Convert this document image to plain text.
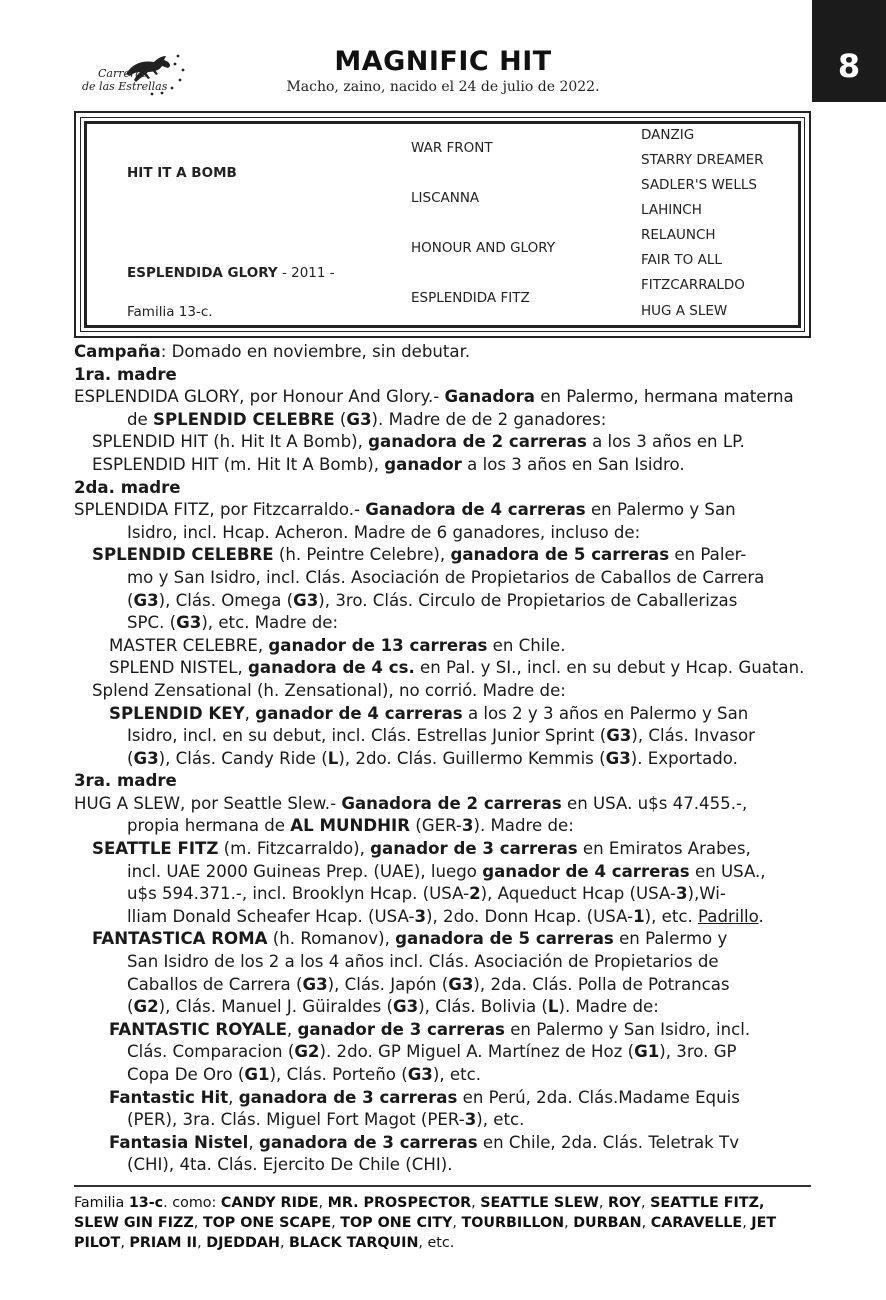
Carreras
de las Estrellas
MAGNIFIC HIT
Macho, zaino, nacido el 24 de julio de 2022.
8
HIT IT A BOMB
ESPLENDIDA GLORY - 2011 -
Familia 13-c.
WAR FRONT
LISCANNA
HONOUR AND GLORY
ESPLENDIDA FITZ
DANZIG
STARRY DREAMER
SADLER'S WELLS
LAHINCH
RELAUNCH
FAIR TO ALL
FITZCARRALDO
HUG A SLEW
Campaña: Domado en noviembre, sin debutar.
1ra. madre
ESPLENDIDA GLORY, por Honour And Glory.- Ganadora en Palermo, hermana materna
de SPLENDID CELEBRE (G3). Madre de de 2 ganadores:
SPLENDID HIT (h. Hit It A Bomb), ganadora de 2 carreras a los 3 años en LP.
ESPLENDID HIT (m. Hit It A Bomb), ganador a los 3 años en San Isidro.
2da. madre
SPLENDIDA FITZ, por Fitzcarraldo.- Ganadora de 4 carreras en Palermo y San
Isidro, incl. Hcap. Acheron. Madre de 6 ganadores, incluso de:
SPLENDID CELEBRE (h. Peintre Celebre), ganadora de 5 carreras en Paler-
mo y San Isidro, incl. Clás. Asociación de Propietarios de Caballos de Carrera
(G3), Clás. Omega (G3), 3ro. Clás. Circulo de Propietarios de Caballerizas
SPC. (G3), etc. Madre de:
MASTER CELEBRE, ganador de 13 carreras en Chile.
SPLEND NISTEL, ganadora de 4 cs. en Pal. y SI., incl. en su debut y Hcap. Guatan.
Splend Zensational (h. Zensational), no corrió. Madre de:
SPLENDID KEY, ganador de 4 carreras a los 2 y 3 años en Palermo y San
Isidro, incl. en su debut, incl. Clás. Estrellas Junior Sprint (G3), Clás. Invasor
(G3), Clás. Candy Ride (L), 2do. Clás. Guillermo Kemmis (G3). Exportado.
3ra. madre
HUG A SLEW, por Seattle Slew.- Ganadora de 2 carreras en USA. u$s 47.455.-,
propia hermana de AL MUNDHIR (GER-3). Madre de:
SEATTLE FITZ (m. Fitzcarraldo), ganador de 3 carreras en Emiratos Arabes,
incl. UAE 2000 Guineas Prep. (UAE), luego ganador de 4 carreras en USA.,
u$s 594.371.-, incl. Brooklyn Hcap. (USA-2), Aqueduct Hcap (USA-3),Wi-
lliam Donald Scheafer Hcap. (USA-3), 2do. Donn Hcap. (USA-1), etc. Padrillo.
FANTASTICA ROMA (h. Romanov), ganadora de 5 carreras en Palermo y
San Isidro de los 2 a los 4 años incl. Clás. Asociación de Propietarios de
Caballos de Carrera (G3), Clás. Japón (G3), 2da. Clás. Polla de Potrancas
(G2), Clás. Manuel J. Güiraldes (G3), Clás. Bolivia (L). Madre de:
FANTASTIC ROYALE, ganador de 3 carreras en Palermo y San Isidro, incl.
Clás. Comparacion (G2). 2do. GP Miguel A. Martínez de Hoz (G1), 3ro. GP
Copa De Oro (G1), Clás. Porteño (G3), etc.
Fantastic Hit, ganadora de 3 carreras en Perú, 2da. Clás.Madame Equis
(PER), 3ra. Clás. Miguel Fort Magot (PER-3), etc.
Fantasia Nistel, ganadora de 3 carreras en Chile, 2da. Clás. Teletrak Tv
(CHI), 4ta. Clás. Ejercito De Chile (CHI).
Familia 13-c. como: CANDY RIDE, MR. PROSPECTOR, SEATTLE SLEW, ROY, SEATTLE FITZ,
SLEW GIN FIZZ, TOP ONE SCAPE, TOP ONE CITY, TOURBILLON, DURBAN, CARAVELLE, JET
PILOT, PRIAM II, DJEDDAH, BLACK TARQUIN, etc.
